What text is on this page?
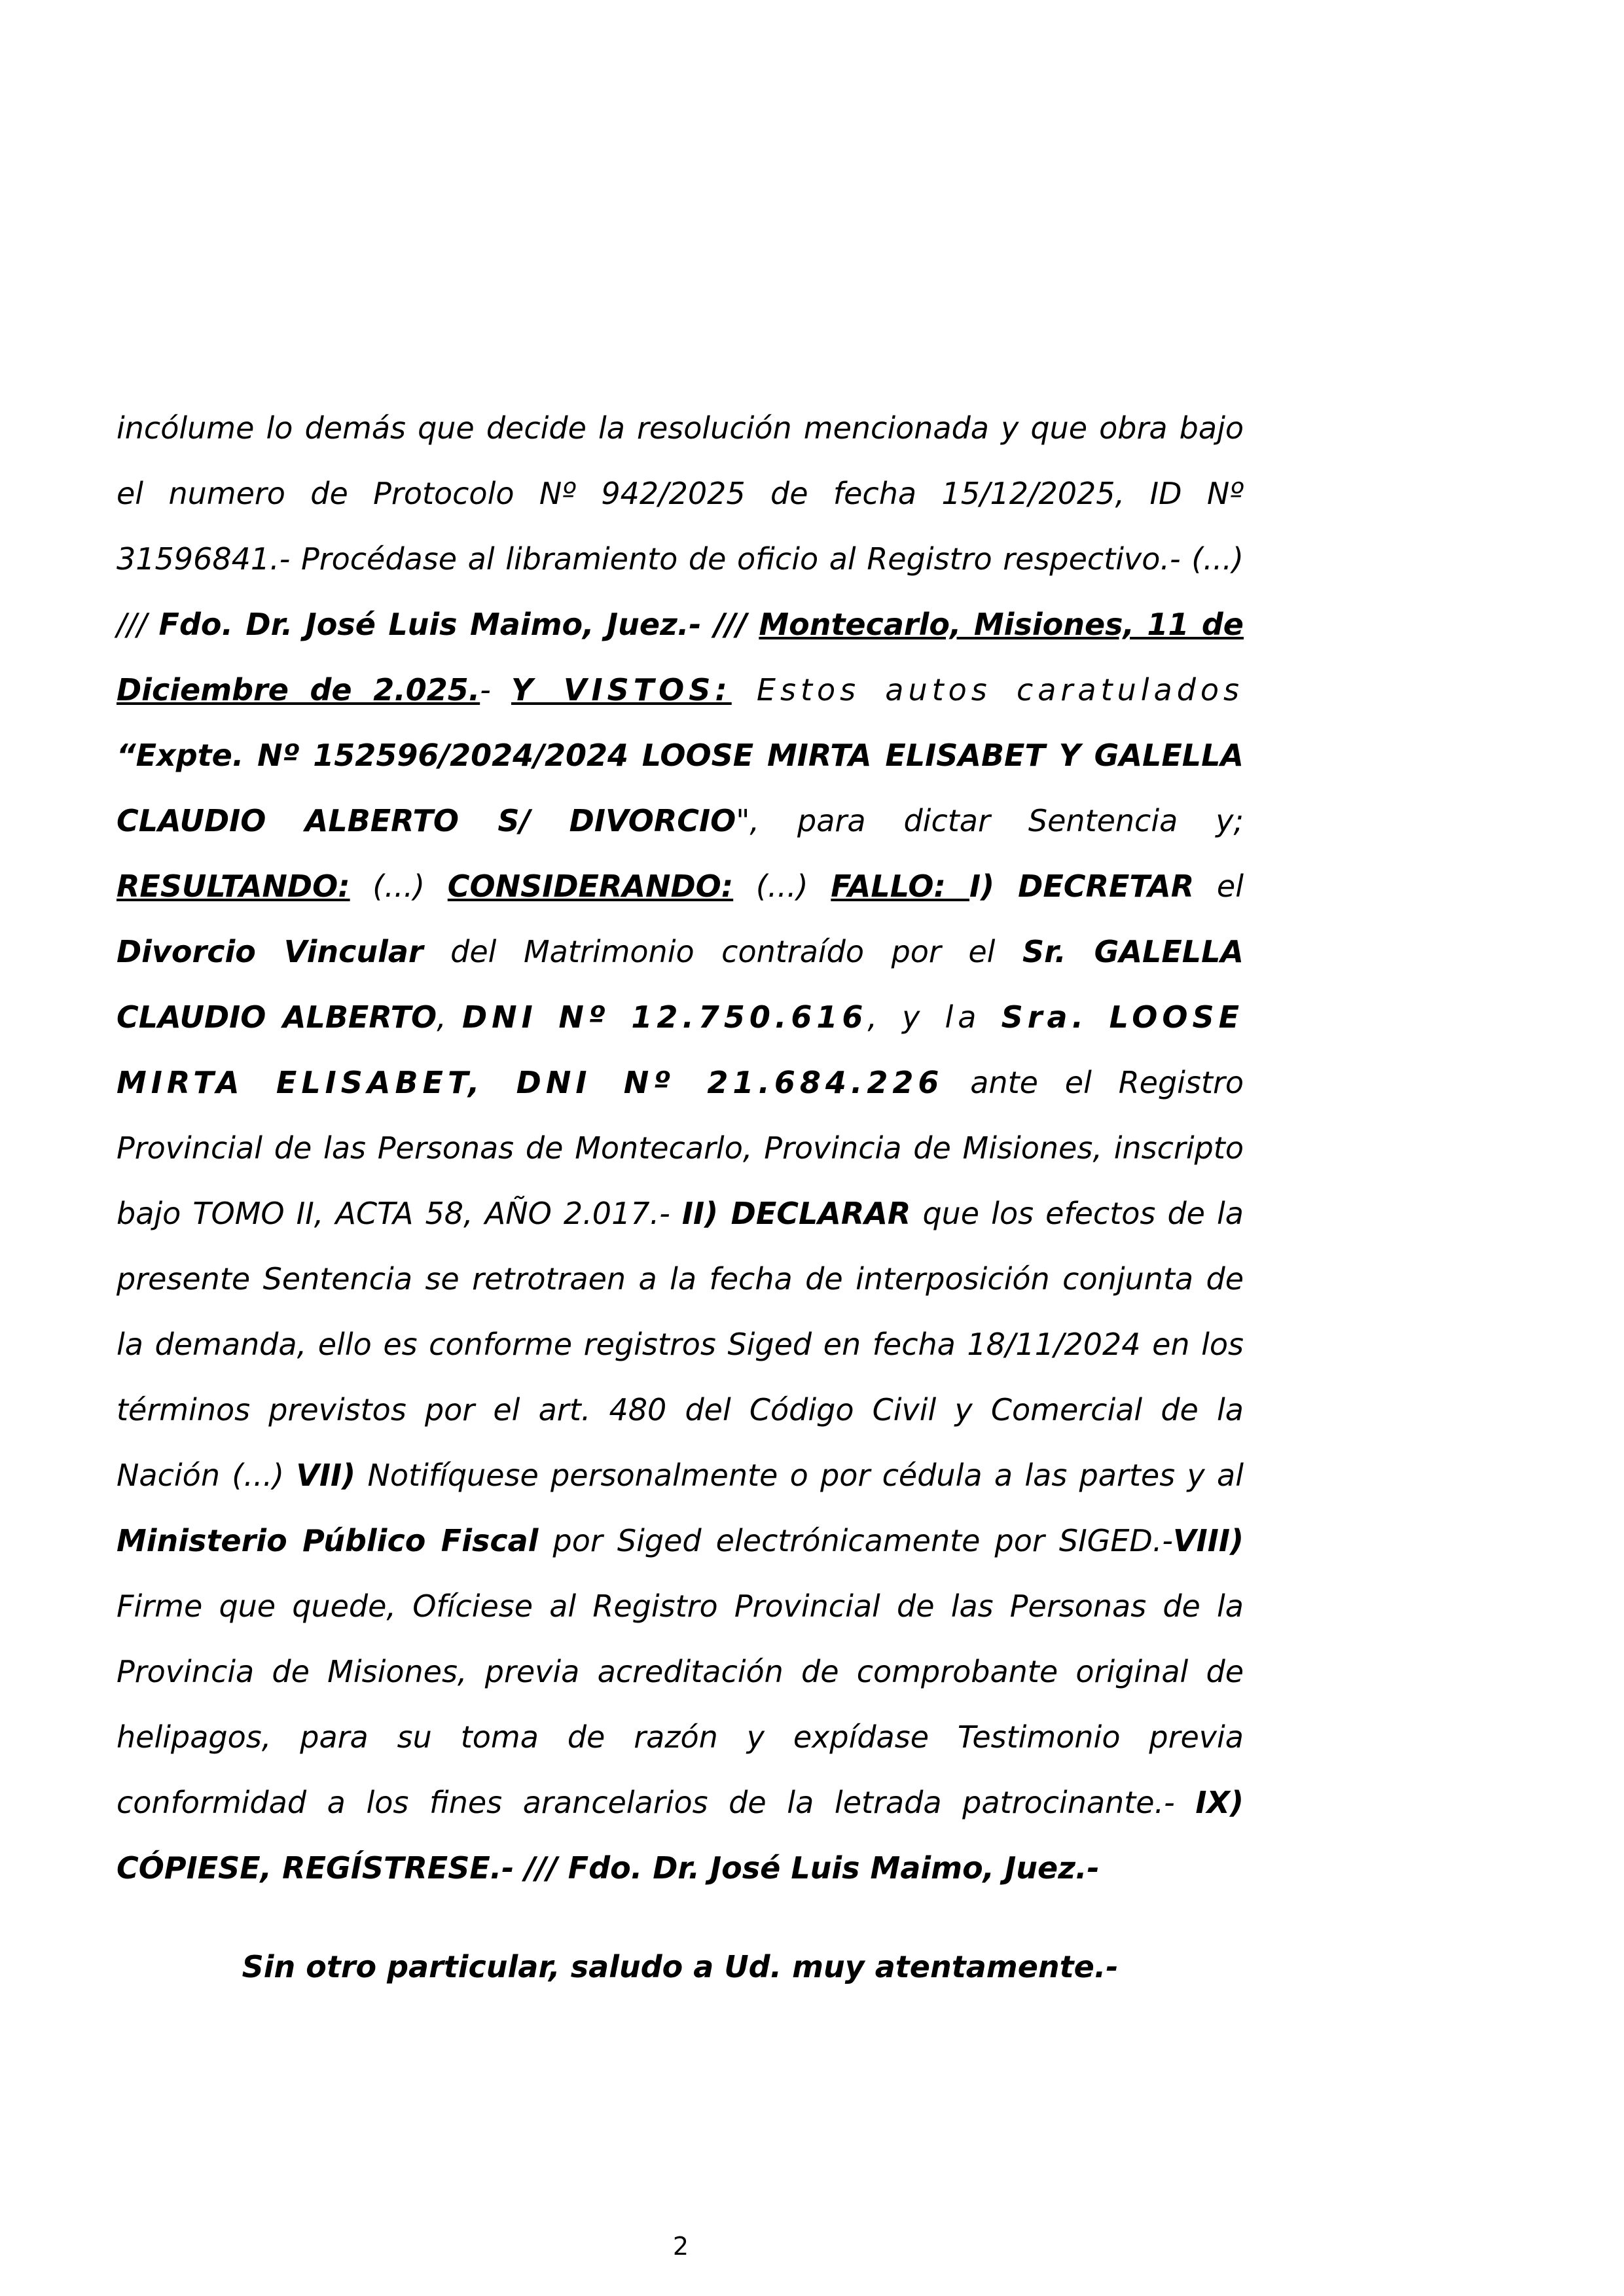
incólume lo demás que decide la resolución mencionada y que obra bajo el numero de Protocolo Nº 942/2025 de fecha 15/12/2025, ID Nº 31596841.- Procédase al libramiento de oficio al Registro respectivo.- (...) /// Fdo. Dr. José Luis Maimo, Juez.- /// Montecarlo, Misiones, 11 de Diciembre de 2.025.- Y VISTOS: Estos autos caratulados “Expte. Nº 152596/2024/2024 LOOSE MIRTA ELISABET Y GALELLA CLAUDIO ALBERTO S/ DIVORCIO", para dictar Sentencia y; RESULTANDO: (...) CONSIDERANDO: (...) FALLO: I) DECRETAR el Divorcio Vincular del Matrimonio contraído por el Sr. GALELLA CLAUDIO ALBERTO, DNI Nº 12.750.616, y la Sra. LOOSE MIRTA ELISABET, DNI Nº 21.684.226 ante el Registro Provincial de las Personas de Montecarlo, Provincia de Misiones, inscripto bajo TOMO II, ACTA 58, AÑO 2.017.- II) DECLARAR que los efectos de la presente Sentencia se retrotraen a la fecha de interposición conjunta de la demanda, ello es conforme registros Siged en fecha 18/11/2024 en los términos previstos por el art. 480 del Código Civil y Comercial de la Nación (...) VII) Notifíquese personalmente o por cédula a las partes y al Ministerio Público Fiscal por Siged electrónicamente por SIGED.-VIII) Firme que quede, Ofíciese al Registro Provincial de las Personas de la Provincia de Misiones, previa acreditación de comprobante original de helipagos, para su toma de razón y expídase Testimonio previa conformidad a los fines arancelarios de la letrada patrocinante.- IX) CÓPIESE, REGÍSTRESE.- /// Fdo. Dr. José Luis Maimo, Juez.-

Sin otro particular, saludo a Ud. muy atentamente.-

2
